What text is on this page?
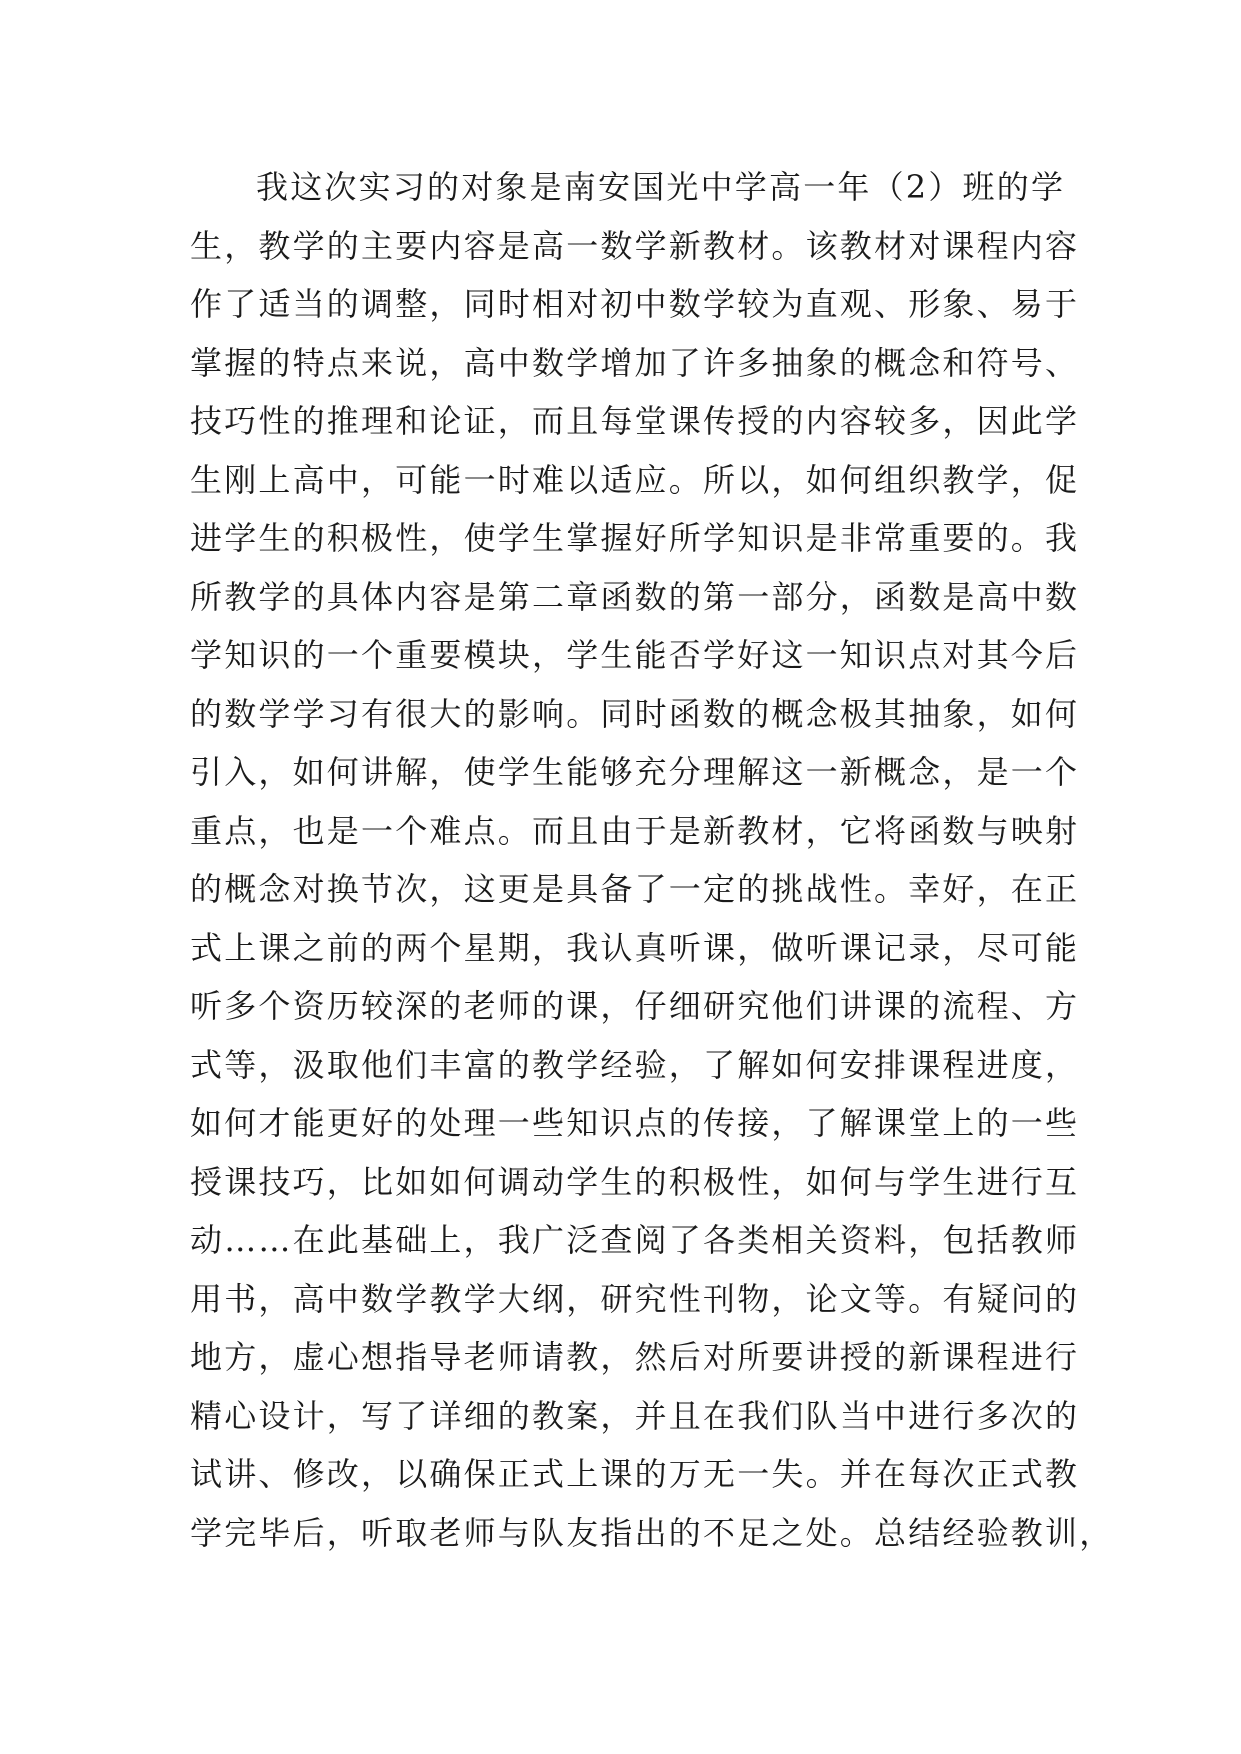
我这次实习的对象是南安国光中学高一年（2）班的学
生，教学的主要内容是高一数学新教材。该教材对课程内容
作了适当的调整，同时相对初中数学较为直观、形象、易于
掌握的特点来说，高中数学增加了许多抽象的概念和符号、
技巧性的推理和论证，而且每堂课传授的内容较多，因此学
生刚上高中，可能一时难以适应。所以，如何组织教学，促
进学生的积极性，使学生掌握好所学知识是非常重要的。我
所教学的具体内容是第二章函数的第一部分，函数是高中数
学知识的一个重要模块，学生能否学好这一知识点对其今后
的数学学习有很大的影响。同时函数的概念极其抽象，如何
引入，如何讲解，使学生能够充分理解这一新概念，是一个
重点，也是一个难点。而且由于是新教材，它将函数与映射
的概念对换节次，这更是具备了一定的挑战性。幸好，在正
式上课之前的两个星期，我认真听课，做听课记录，尽可能
听多个资历较深的老师的课，仔细研究他们讲课的流程、方
式等，汲取他们丰富的教学经验，了解如何安排课程进度，
如何才能更好的处理一些知识点的传接，了解课堂上的一些
授课技巧，比如如何调动学生的积极性，如何与学生进行互
动……在此基础上，我广泛查阅了各类相关资料，包括教师
用书，高中数学教学大纲，研究性刊物，论文等。有疑问的
地方，虚心想指导老师请教，然后对所要讲授的新课程进行
精心设计，写了详细的教案，并且在我们队当中进行多次的
试讲、修改，以确保正式上课的万无一失。并在每次正式教
学完毕后，听取老师与队友指出的不足之处。总结经验教训，
